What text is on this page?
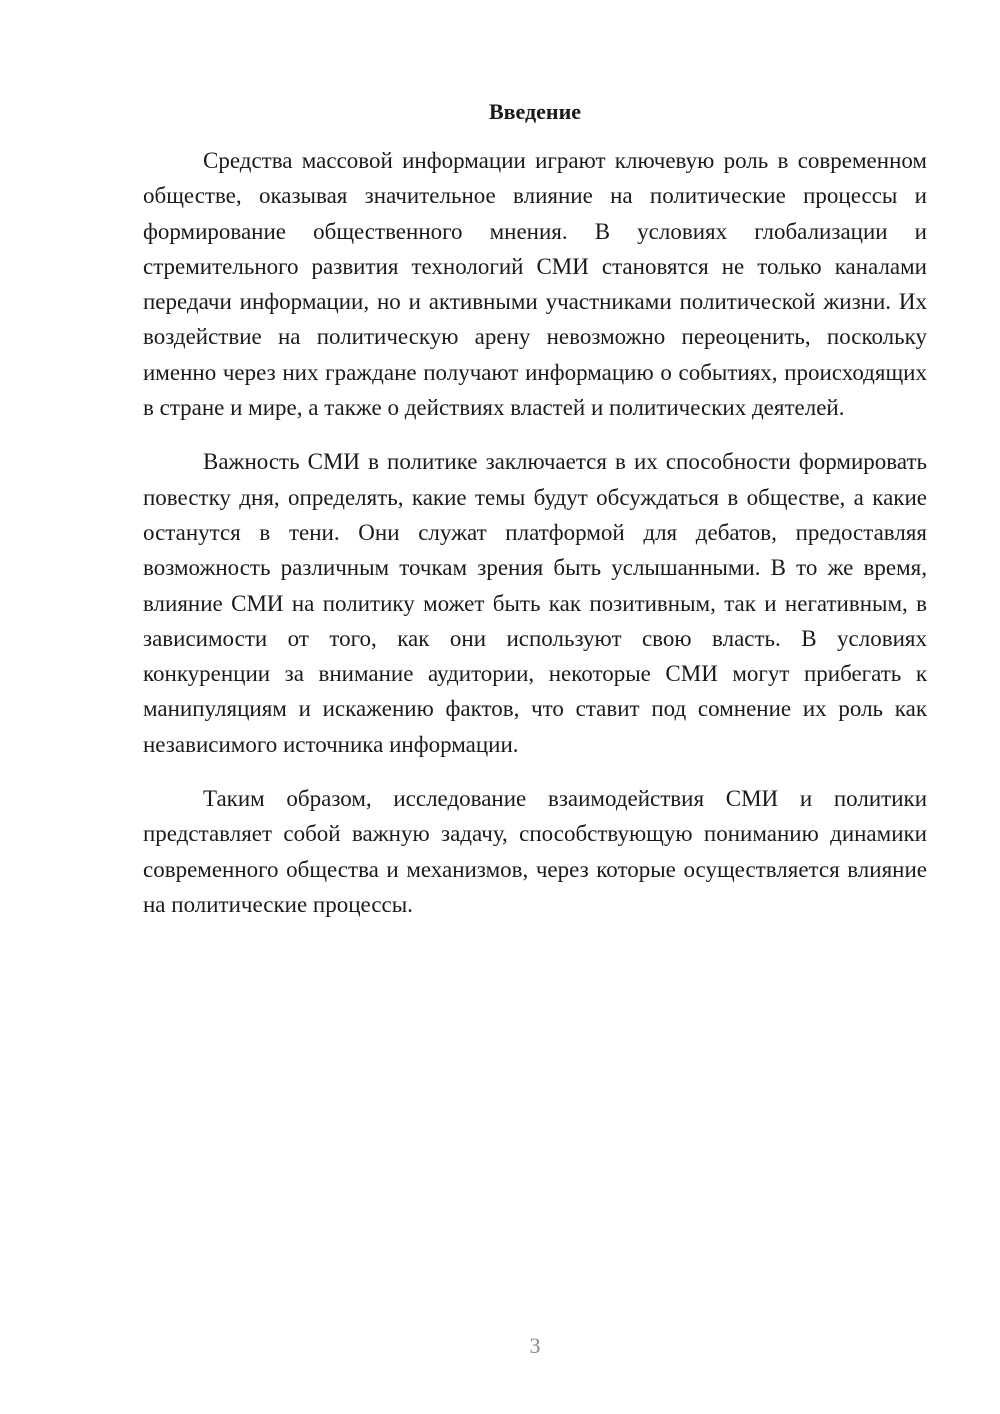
Введение

Средства массовой информации играют ключевую роль в современном обществе, оказывая значительное влияние на политические процессы и формирование общественного мнения. В условиях глобализации и стремительного развития технологий СМИ становятся не только каналами передачи информации, но и активными участниками политической жизни. Их воздействие на политическую арену невозможно переоценить, поскольку именно через них граждане получают информацию о событиях, происходящих в стране и мире, а также о действиях властей и политических деятелей.

Важность СМИ в политике заключается в их способности формировать повестку дня, определять, какие темы будут обсуждаться в обществе, а какие останутся в тени. Они служат платформой для дебатов, предоставляя возможность различным точкам зрения быть услышанными. В то же время, влияние СМИ на политику может быть как позитивным, так и негативным, в зависимости от того, как они используют свою власть. В условиях конкуренции за внимание аудитории, некоторые СМИ могут прибегать к манипуляциям и искажению фактов, что ставит под сомнение их роль как независимого источника информации.

Таким образом, исследование взаимодействия СМИ и политики представляет собой важную задачу, способствующую пониманию динамики современного общества и механизмов, через которые осуществляется влияние на политические процессы.

3
